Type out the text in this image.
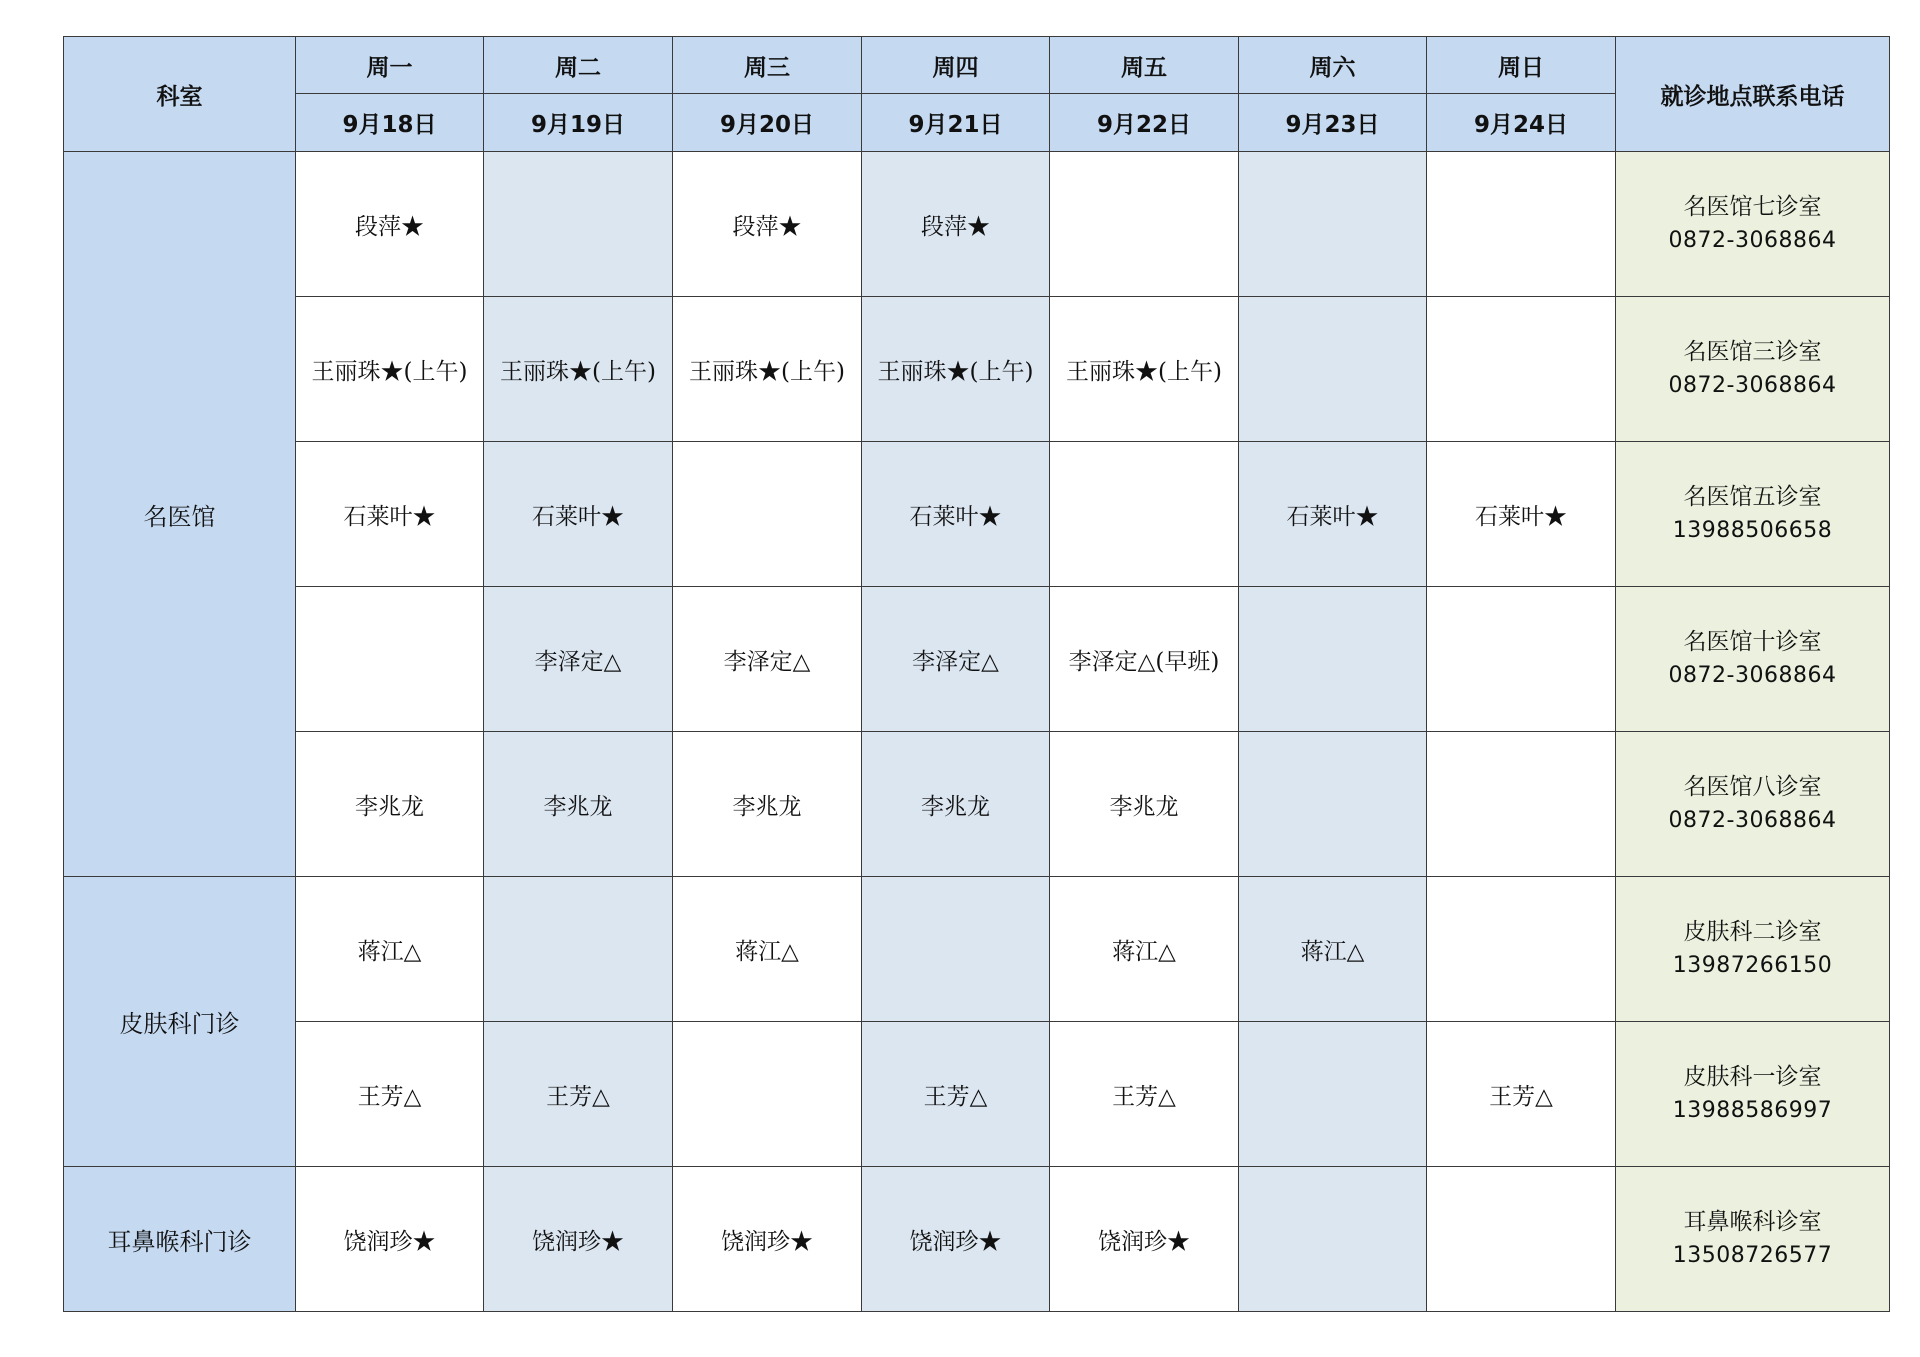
科室	周一	周二	周三	周四	周五	周六	周日	就诊地点联系电话
	9月18日	9月19日	9月20日	9月21日	9月22日	9月23日	9月24日	
名医馆	段萍★		段萍★	段萍★				名医馆七诊室
0872-3068864

	王丽珠★(上午)	王丽珠★(上午)	王丽珠★(上午)	王丽珠★(上午)	王丽珠★(上午)			名医馆三诊室
0872-3068864

	石莱叶★	石莱叶★		石莱叶★		石莱叶★	石莱叶★	名医馆五诊室
13988506658

		李泽定△	李泽定△	李泽定△	李泽定△(早班)			名医馆十诊室
0872-3068864

	李兆龙	李兆龙	李兆龙	李兆龙	李兆龙			名医馆八诊室
0872-3068864

皮肤科门诊	蒋江△		蒋江△		蒋江△	蒋江△		皮肤科二诊室
13987266150

	王芳△	王芳△		王芳△	王芳△		王芳△	皮肤科一诊室
13988586997

耳鼻喉科门诊	饶润珍★	饶润珍★	饶润珍★	饶润珍★	饶润珍★			耳鼻喉科诊室
13508726577
